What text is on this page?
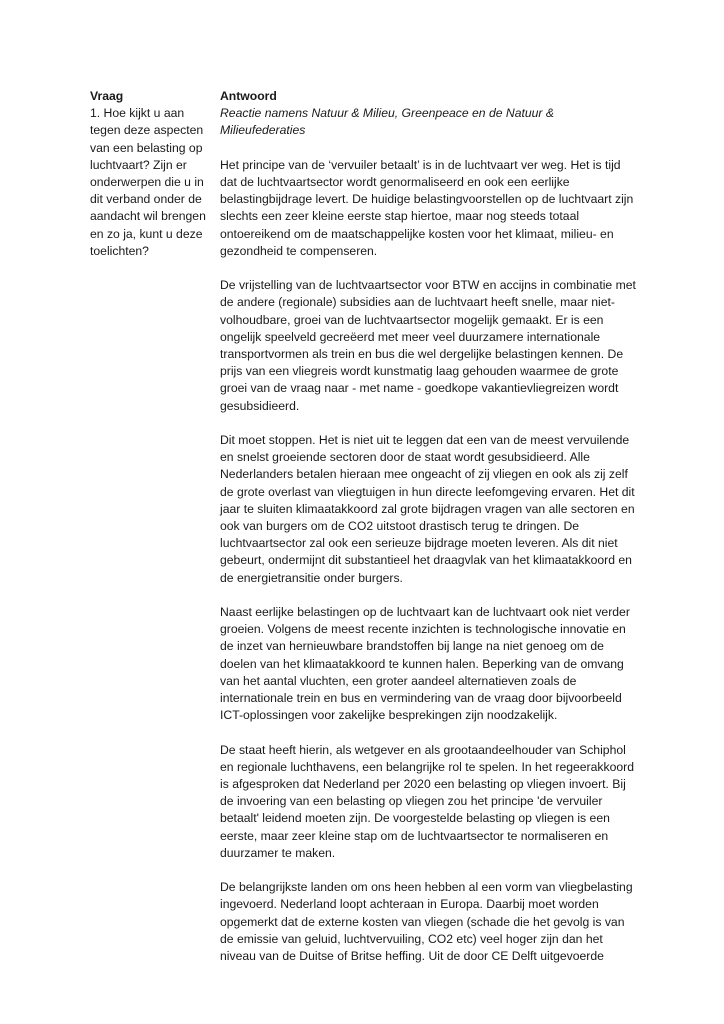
Vraag
1. Hoe kijkt u aan tegen deze aspecten van een belasting op luchtvaart? Zijn er onderwerpen die u in dit verband onder de aandacht wil brengen en zo ja, kunt u deze toelichten?
Antwoord
Reactie namens Natuur & Milieu, Greenpeace en de Natuur & Milieufederaties

Het principe van de ‘vervuiler betaalt’ is in de luchtvaart ver weg. Het is tijd dat de luchtvaartsector wordt genormaliseerd en ook een eerlijke belastingbijdrage levert. De huidige belastingvoorstellen op de luchtvaart zijn slechts een zeer kleine eerste stap hiertoe, maar nog steeds totaal ontoereikend om de maatschappelijke kosten voor het klimaat, milieu- en gezondheid te compenseren.

De vrijstelling van de luchtvaartsector voor BTW en accijns in combinatie met de andere (regionale) subsidies aan de luchtvaart heeft snelle, maar niet-volhoudbare, groei van de luchtvaartsector mogelijk gemaakt. Er is een ongelijk speelveld gecreëerd met meer veel duurzamere internationale transportvormen als trein en bus die wel dergelijke belastingen kennen. De prijs van een vliegreis wordt kunstmatig laag gehouden waarmee de grote groei van de vraag naar - met name - goedkope vakantievliegreizen wordt gesubsidieerd.

Dit moet stoppen. Het is niet uit te leggen dat een van de meest vervuilende en snelst groeiende sectoren door de staat wordt gesubsidieerd. Alle Nederlanders betalen hieraan mee ongeacht of zij vliegen en ook als zij zelf de grote overlast van vliegtuigen in hun directe leefomgeving ervaren. Het dit jaar te sluiten klimaatakkoord zal grote bijdragen vragen van alle sectoren en ook van burgers om de CO2 uitstoot drastisch terug te dringen. De luchtvaartsector zal ook een serieuze bijdrage moeten leveren. Als dit niet gebeurt, ondermijnt dit substantieel het draagvlak van het klimaatakkoord en de energietransitie onder burgers.

Naast eerlijke belastingen op de luchtvaart kan de luchtvaart ook niet verder groeien. Volgens de meest recente inzichten is technologische innovatie en de inzet van hernieuwbare brandstoffen bij lange na niet genoeg om de doelen van het klimaatakkoord te kunnen halen. Beperking van de omvang van het aantal vluchten, een groter aandeel alternatieven zoals de internationale trein en bus en vermindering van de vraag door bijvoorbeeld ICT-oplossingen voor zakelijke besprekingen zijn noodzakelijk.

De staat heeft hierin, als wetgever en als grootaandeelhouder van Schiphol en regionale luchthavens, een belangrijke rol te spelen. In het regeerakkoord is afgesproken dat Nederland per 2020 een belasting op vliegen invoert. Bij de invoering van een belasting op vliegen zou het principe 'de vervuiler betaalt' leidend moeten zijn. De voorgestelde belasting op vliegen is een eerste, maar zeer kleine stap om de luchtvaartsector te normaliseren en duurzamer te maken.

De belangrijkste landen om ons heen hebben al een vorm van vliegbelasting ingevoerd. Nederland loopt achteraan in Europa. Daarbij moet worden opgemerkt dat de externe kosten van vliegen (schade die het gevolg is van de emissie van geluid, luchtvervuiling, CO2 etc) veel hoger zijn dan het niveau van de Duitse of Britse heffing. Uit de door CE Delft uitgevoerde
